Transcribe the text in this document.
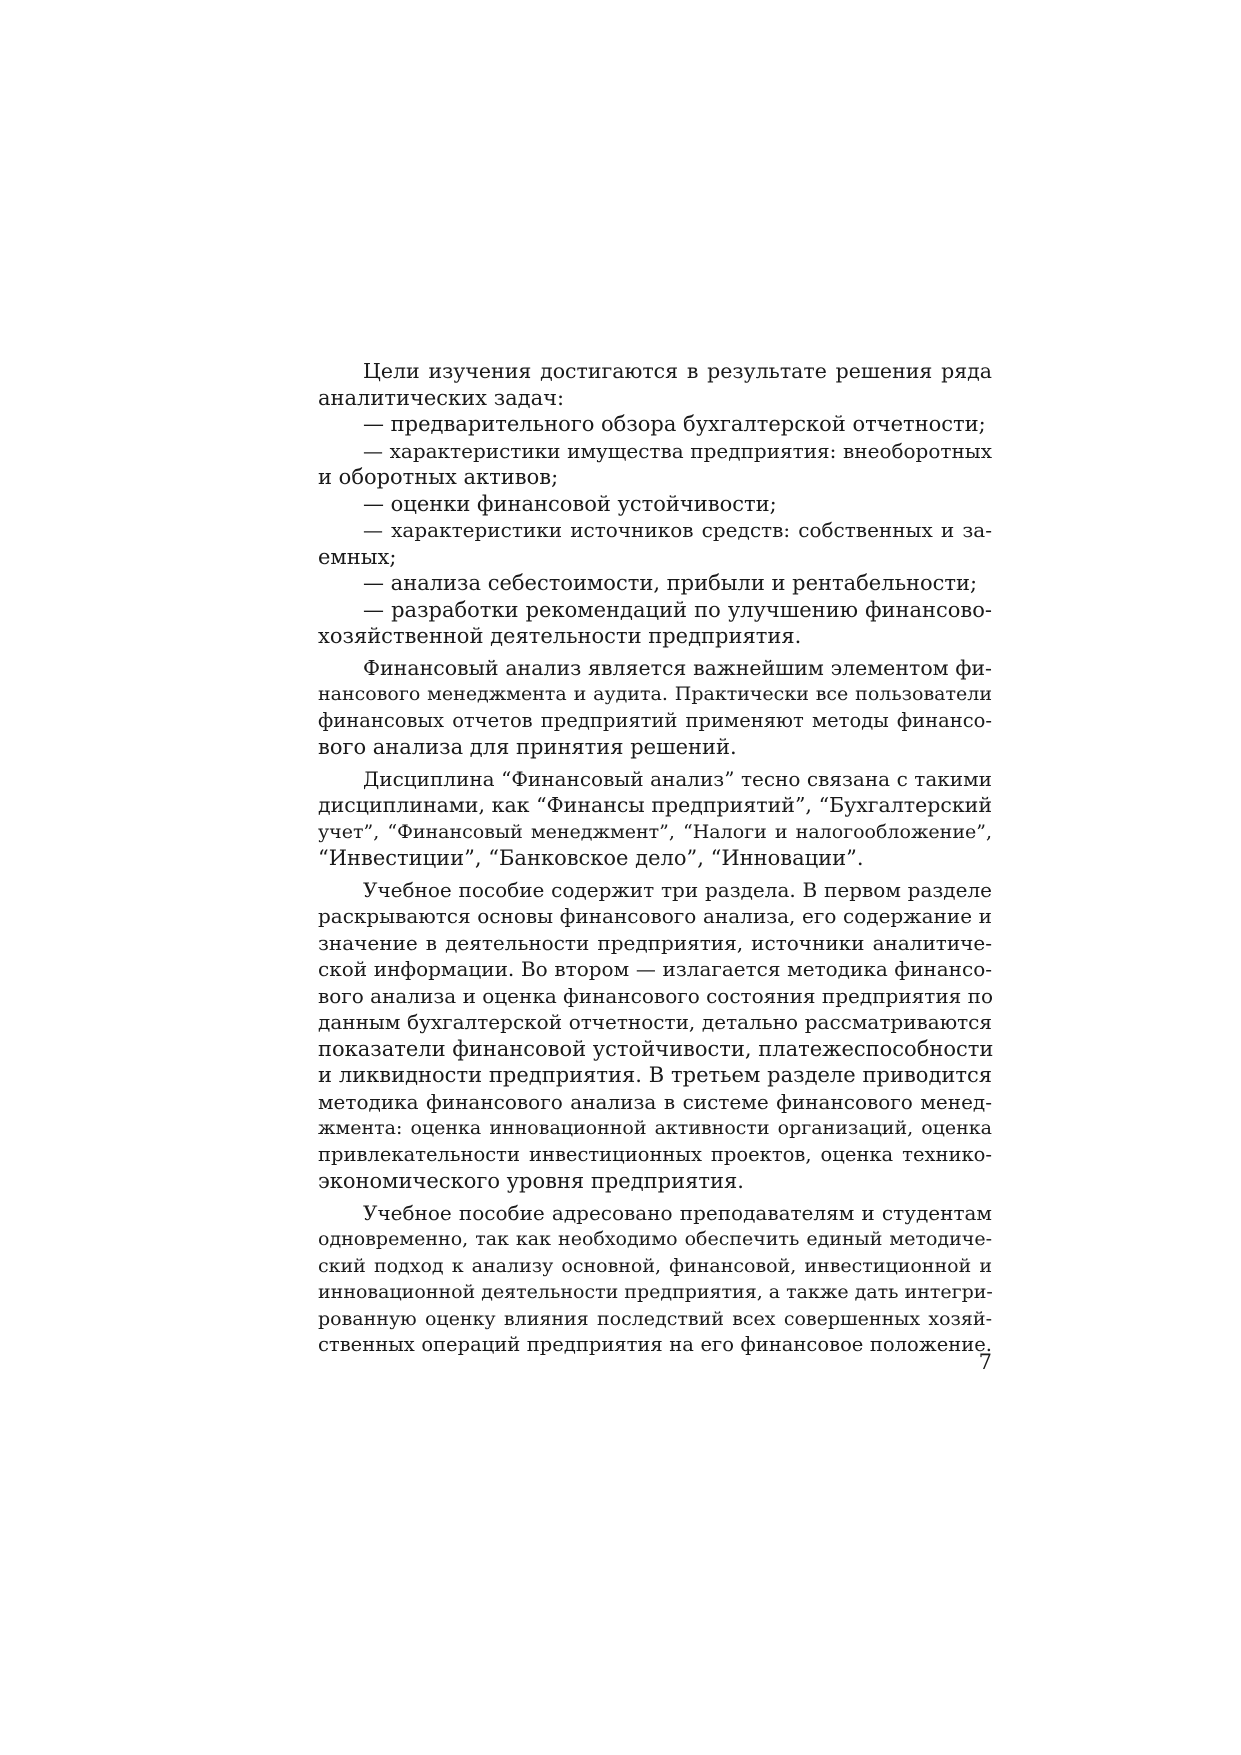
Цели изучения достигаются в результате решения ряда
аналитических задач:
— предварительного обзора бухгалтерской отчетности;
— характеристики имущества предприятия: внеоборотных
и оборотных активов;
— оценки финансовой устойчивости;
— характеристики источников средств: собственных и за-
емных;
— анализа себестоимости, прибыли и рентабельности;
— разработки рекомендаций по улучшению финансово-
хозяйственной деятельности предприятия.
Финансовый анализ является важнейшим элементом фи-
нансового менеджмента и аудита. Практически все пользователи
финансовых отчетов предприятий применяют методы финансо-
вого анализа для принятия решений.
Дисциплина “Финансовый анализ” тесно связана с такими
дисциплинами, как “Финансы предприятий”, “Бухгалтерский
учет”, “Финансовый менеджмент”, “Налоги и налогообложение”,
“Инвестиции”, “Банковское дело”, “Инновации”.
Учебное пособие содержит три раздела. В первом разделе
раскрываются основы финансового анализа, его содержание и
значение в деятельности предприятия, источники аналитиче-
ской информации. Во втором — излагается методика финансо-
вого анализа и оценка финансового состояния предприятия по
данным бухгалтерской отчетности, детально рассматриваются
показатели финансовой устойчивости, платежеспособности
и ликвидности предприятия. В третьем разделе приводится
методика финансового анализа в системе финансового менед-
жмента: оценка инновационной активности организаций, оценка
привлекательности инвестиционных проектов, оценка технико-
экономического уровня предприятия.
Учебное пособие адресовано преподавателям и студентам
одновременно, так как необходимо обеспечить единый методиче-
ский подход к анализу основной, финансовой, инвестиционной и
инновационной деятельности предприятия, а также дать интегри-
рованную оценку влияния последствий всех совершенных хозяй-
ственных операций предприятия на его финансовое положение.
7
